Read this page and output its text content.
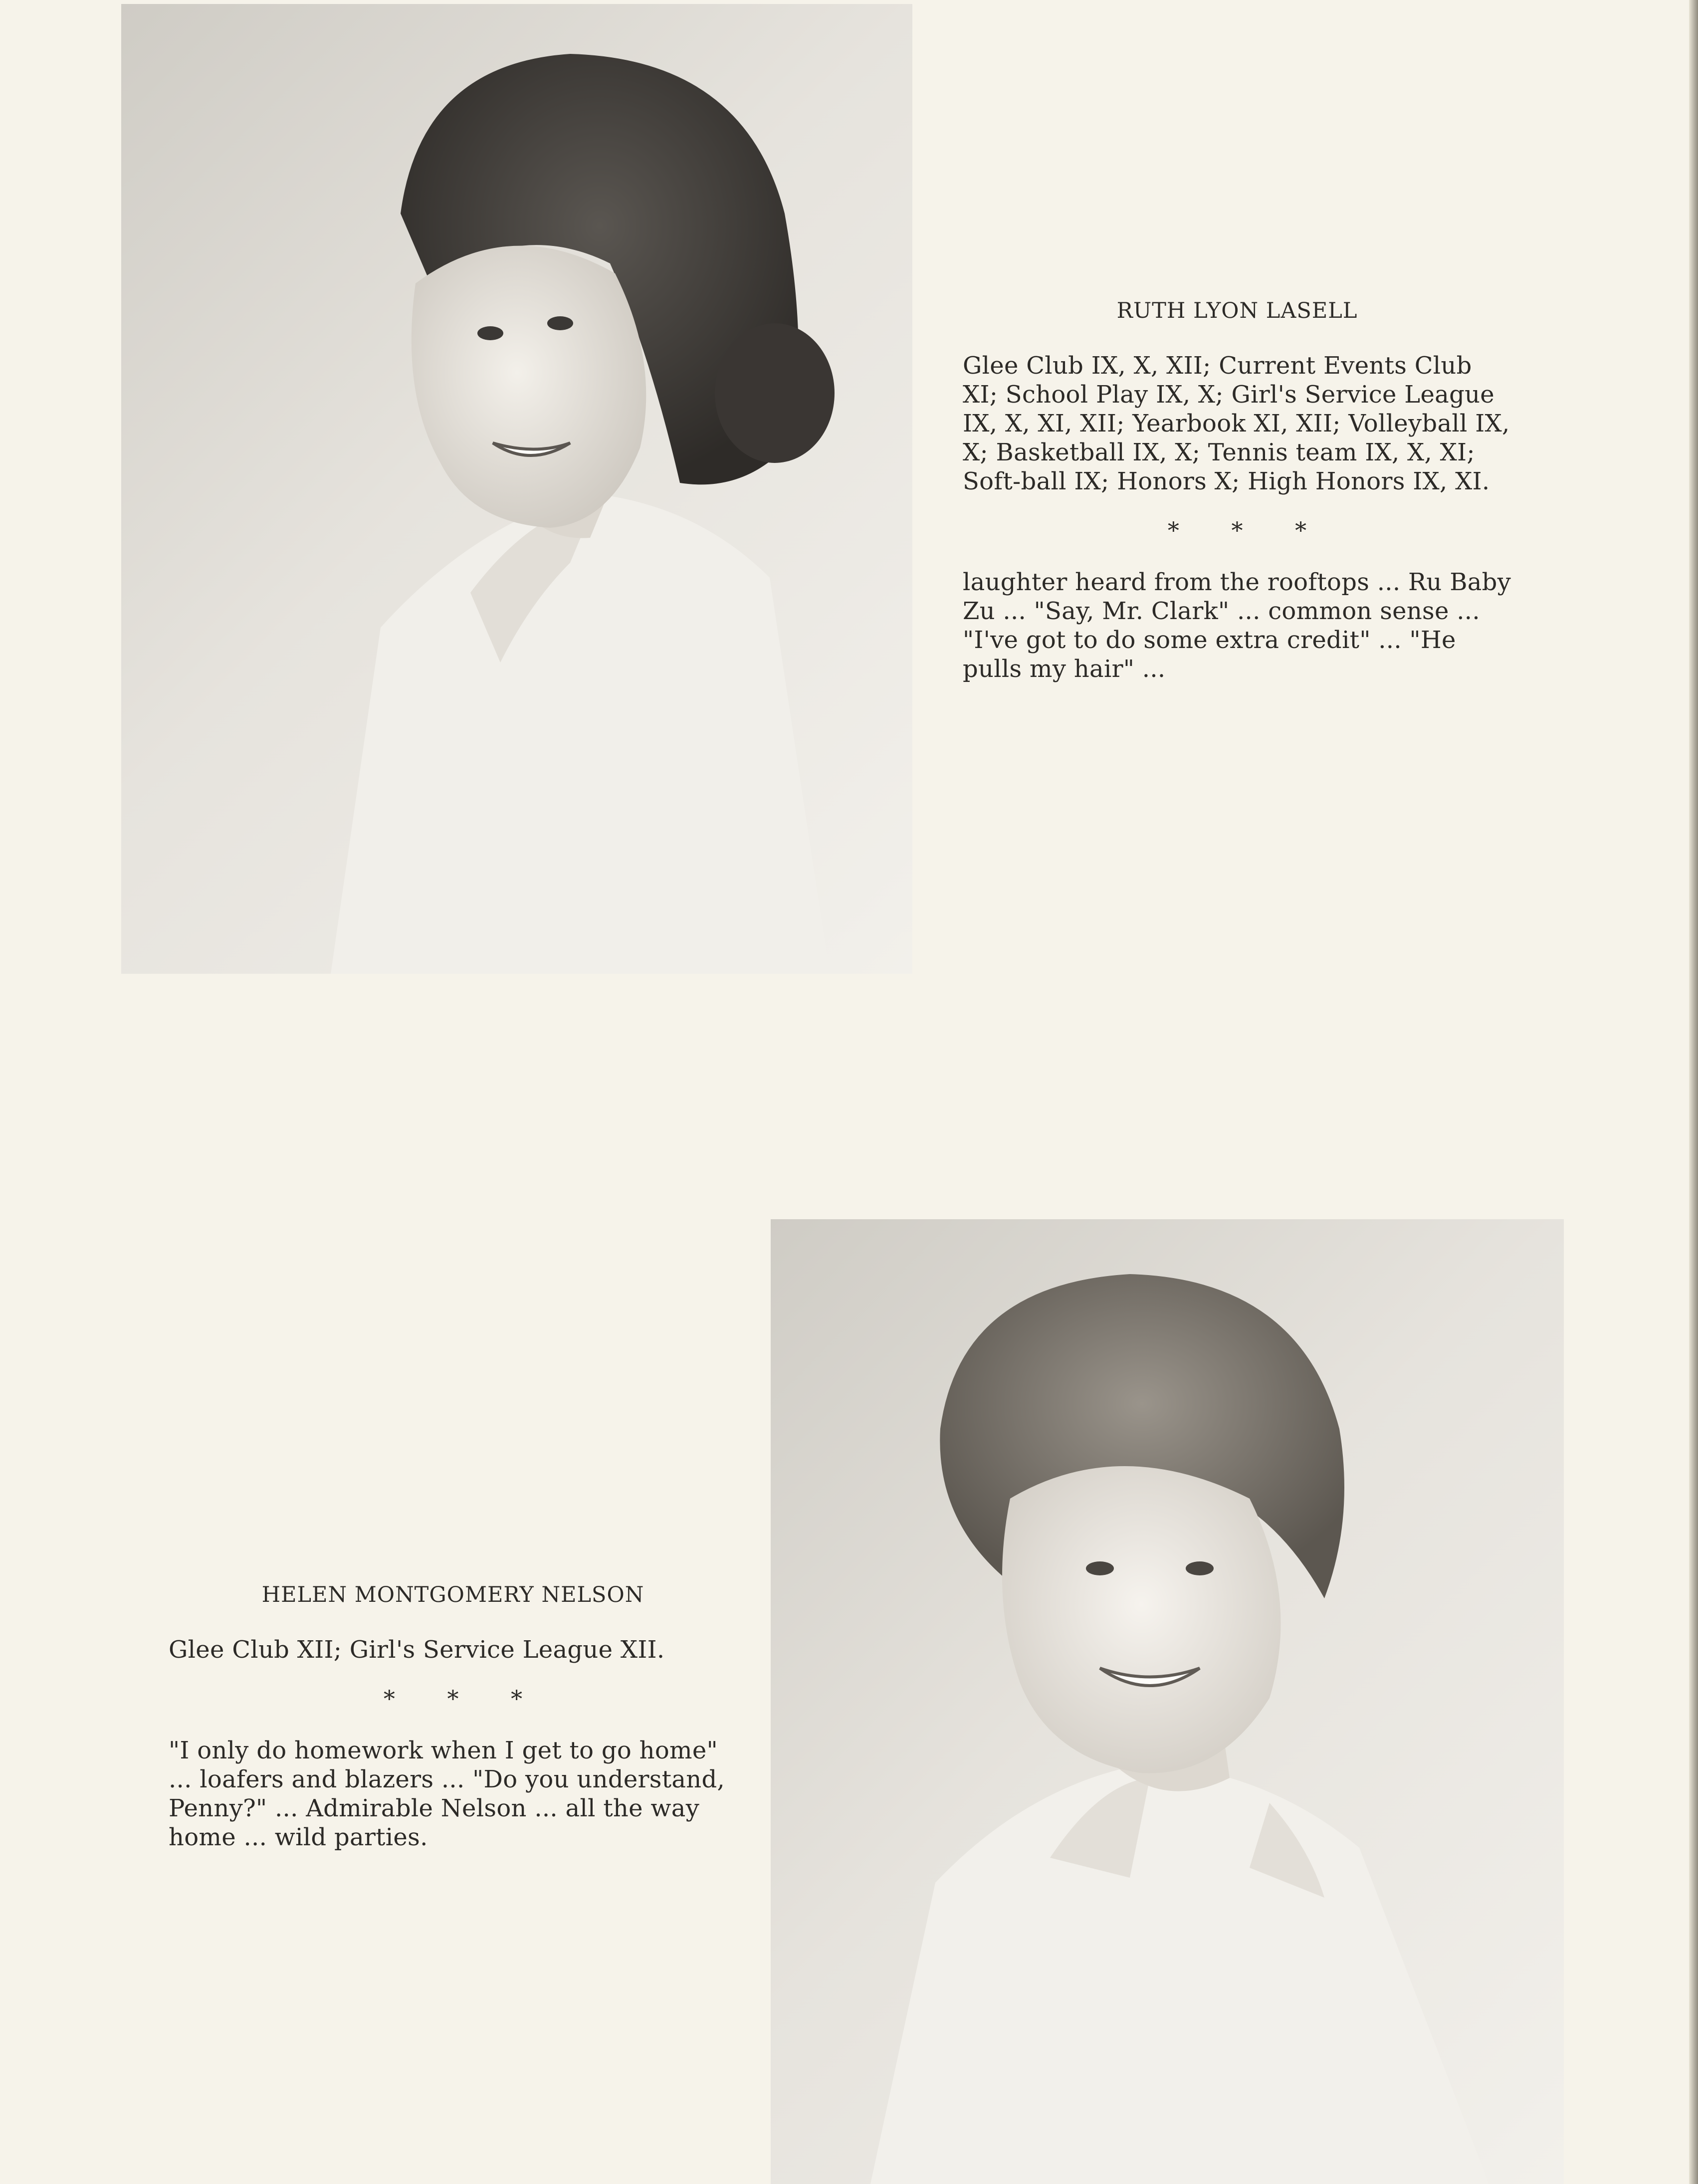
RUTH LYON LASELL

Glee Club IX, X, XII; Current Events Club XI; School Play IX, X; Girl's Service League IX, X, XI, XII; Yearbook XI, XII; Volleyball IX, X; Basketball IX, X; Tennis team IX, X, XI; Soft-ball IX; Honors X; High Honors IX, XI.

* * *

laughter heard from the rooftops ... Ru Baby Zu ... "Say, Mr. Clark" ... common sense ... "I've got to do some extra credit" ... "He pulls my hair" ...

HELEN MONTGOMERY NELSON

Glee Club XII; Girl's Service League XII.

* * *

"I only do homework when I get to go home" ... loafers and blazers ... "Do you understand, Penny?" ... Admirable Nelson ... all the way home ... wild parties.
